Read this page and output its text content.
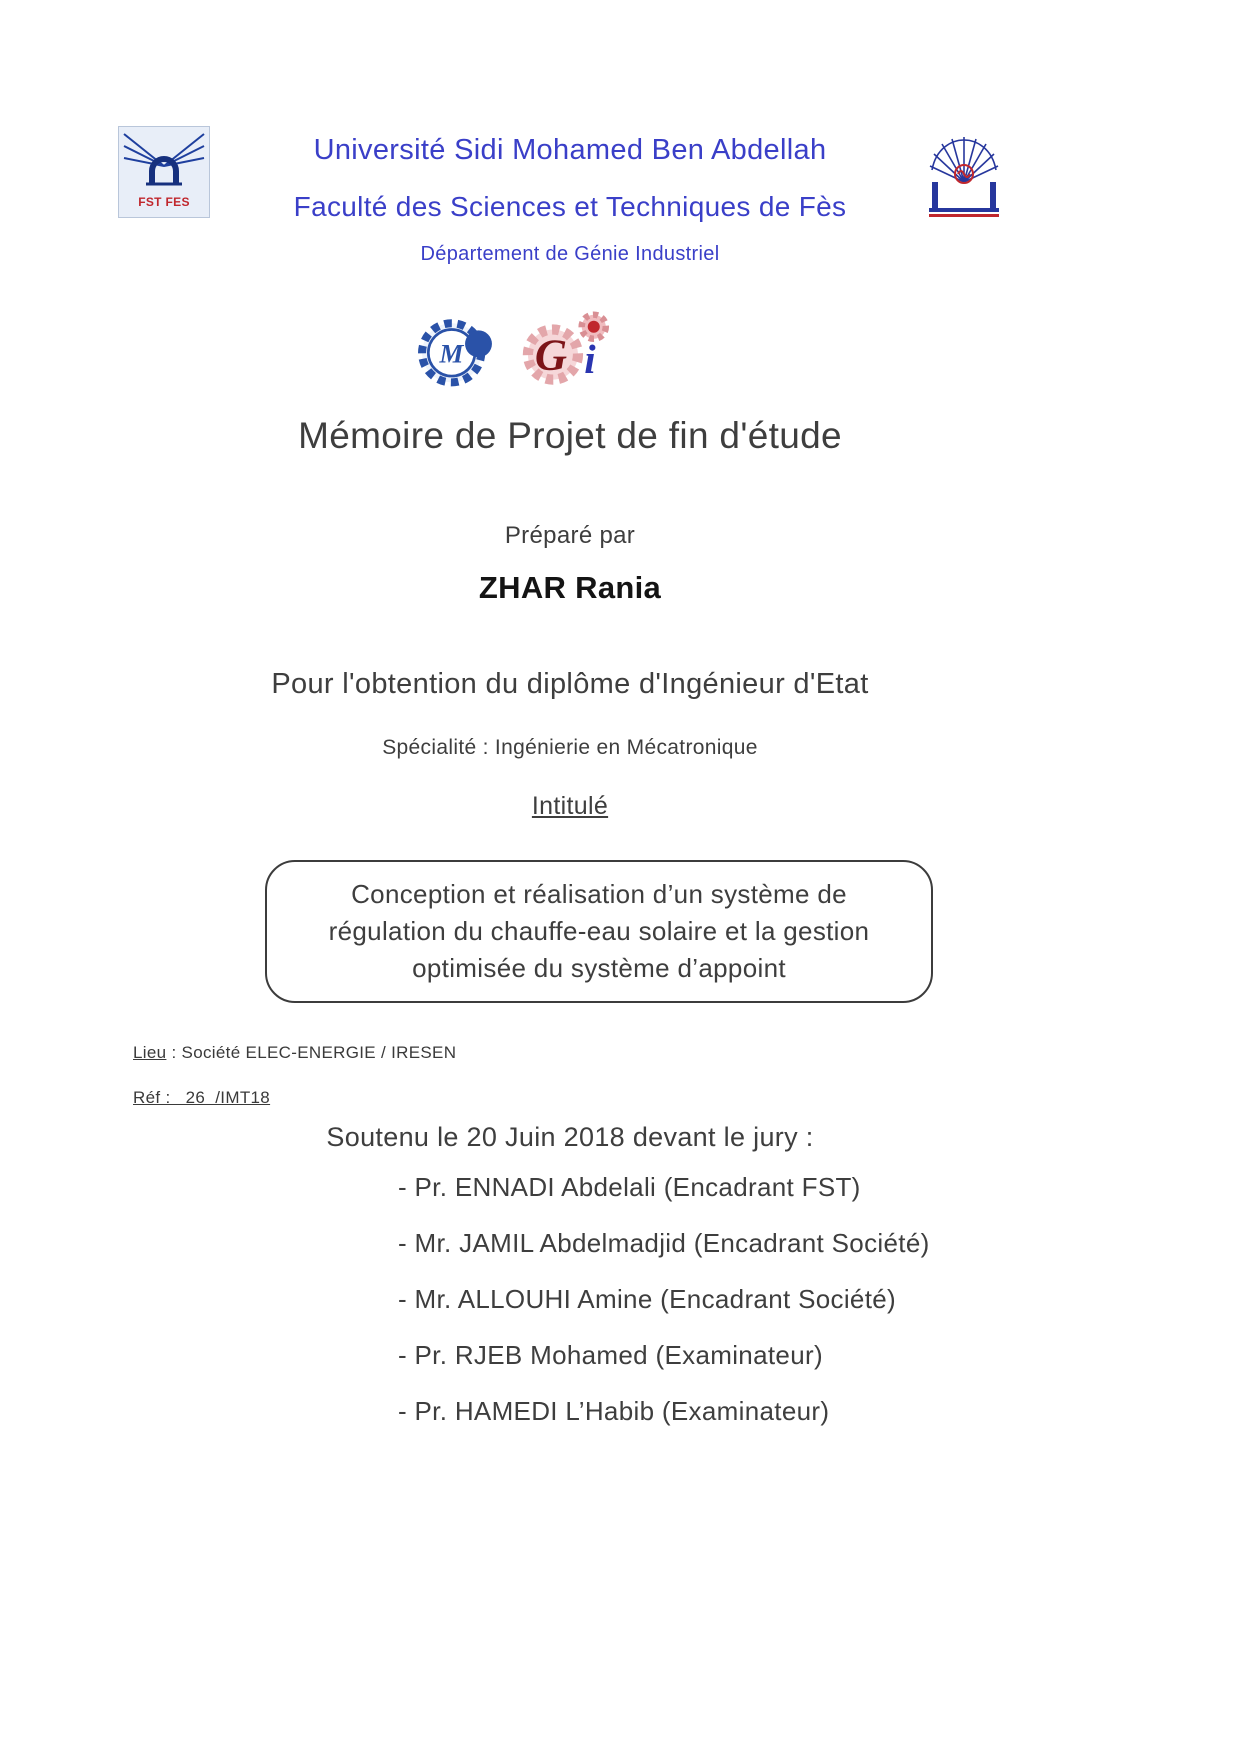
FST FES
Université Sidi Mohamed Ben Abdellah
Faculté des Sciences et Techniques de Fès
Département de Génie Industriel
M G i
Mémoire de Projet de fin d'étude
Préparé par
ZHAR Rania
Pour l'obtention du diplôme d'Ingénieur d'Etat
Spécialité : Ingénierie en Mécatronique
Intitulé
Conception et réalisation d’un système de
régulation du chauffe-eau solaire et la gestion
optimisée du système d’appoint
Lieu : Société ELEC-ENERGIE / IRESEN
Réf :   26  /IMT18
Soutenu le 20 Juin 2018 devant le jury :
- Pr. ENNADI Abdelali (Encadrant FST)
- Mr. JAMIL Abdelmadjid (Encadrant Société)
- Mr. ALLOUHI Amine (Encadrant Société)
- Pr. RJEB Mohamed (Examinateur)
- Pr. HAMEDI L’Habib (Examinateur)
